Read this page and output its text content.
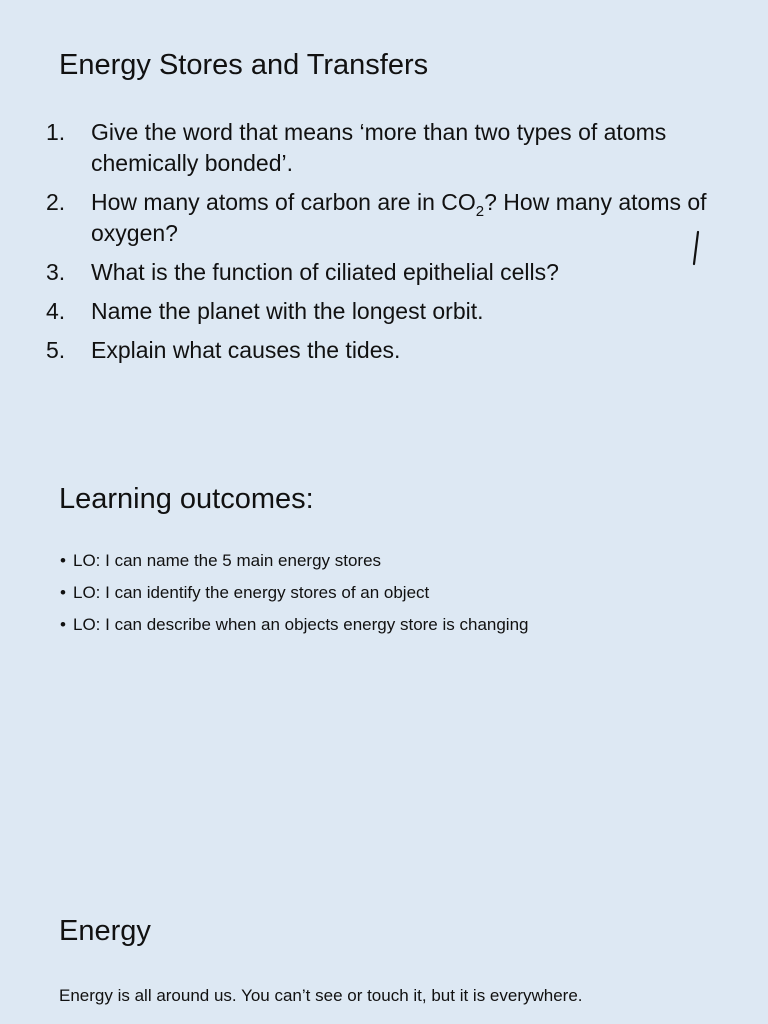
Energy Stores and Transfers
1.	Give the word that means ‘more than two types of atoms chemically bonded’.
2.	How many atoms of carbon are in $CO_2$? How many atoms of oxygen?
3.	What is the function of ciliated epithelial cells?
4.	Name the planet with the longest orbit.
5.	Explain what causes the tides.
Learning outcomes:
• LO: I can name the 5 main energy stores
• LO: I can identify the energy stores of an object
• LO: I can describe when an objects energy store is changing
Energy

Energy is all around us. You can’t see or touch it, but it is everywhere.
